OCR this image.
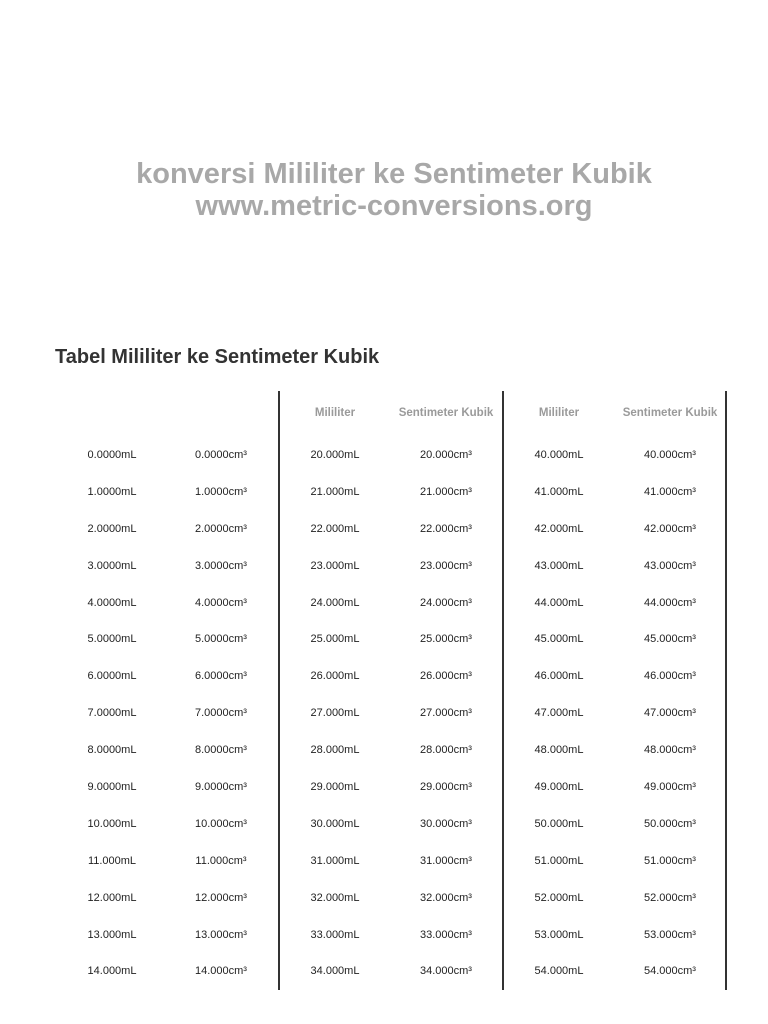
konversi Mililiter ke Sentimeter Kubik
www.metric-conversions.org
Tabel Mililiter ke Sentimeter Kubik
0.0000mL
1.0000mL
2.0000mL
3.0000mL
4.0000mL
5.0000mL
6.0000mL
7.0000mL
8.0000mL
9.0000mL
10.000mL
11.000mL
12.000mL
13.000mL
14.000mL
0.0000cm³
1.0000cm³
2.0000cm³
3.0000cm³
4.0000cm³
5.0000cm³
6.0000cm³
7.0000cm³
8.0000cm³
9.0000cm³
10.000cm³
11.000cm³
12.000cm³
13.000cm³
14.000cm³
Mililiter
20.000mL
21.000mL
22.000mL
23.000mL
24.000mL
25.000mL
26.000mL
27.000mL
28.000mL
29.000mL
30.000mL
31.000mL
32.000mL
33.000mL
34.000mL
Sentimeter Kubik
20.000cm³
21.000cm³
22.000cm³
23.000cm³
24.000cm³
25.000cm³
26.000cm³
27.000cm³
28.000cm³
29.000cm³
30.000cm³
31.000cm³
32.000cm³
33.000cm³
34.000cm³
Mililiter
40.000mL
41.000mL
42.000mL
43.000mL
44.000mL
45.000mL
46.000mL
47.000mL
48.000mL
49.000mL
50.000mL
51.000mL
52.000mL
53.000mL
54.000mL
Sentimeter Kubik
40.000cm³
41.000cm³
42.000cm³
43.000cm³
44.000cm³
45.000cm³
46.000cm³
47.000cm³
48.000cm³
49.000cm³
50.000cm³
51.000cm³
52.000cm³
53.000cm³
54.000cm³
